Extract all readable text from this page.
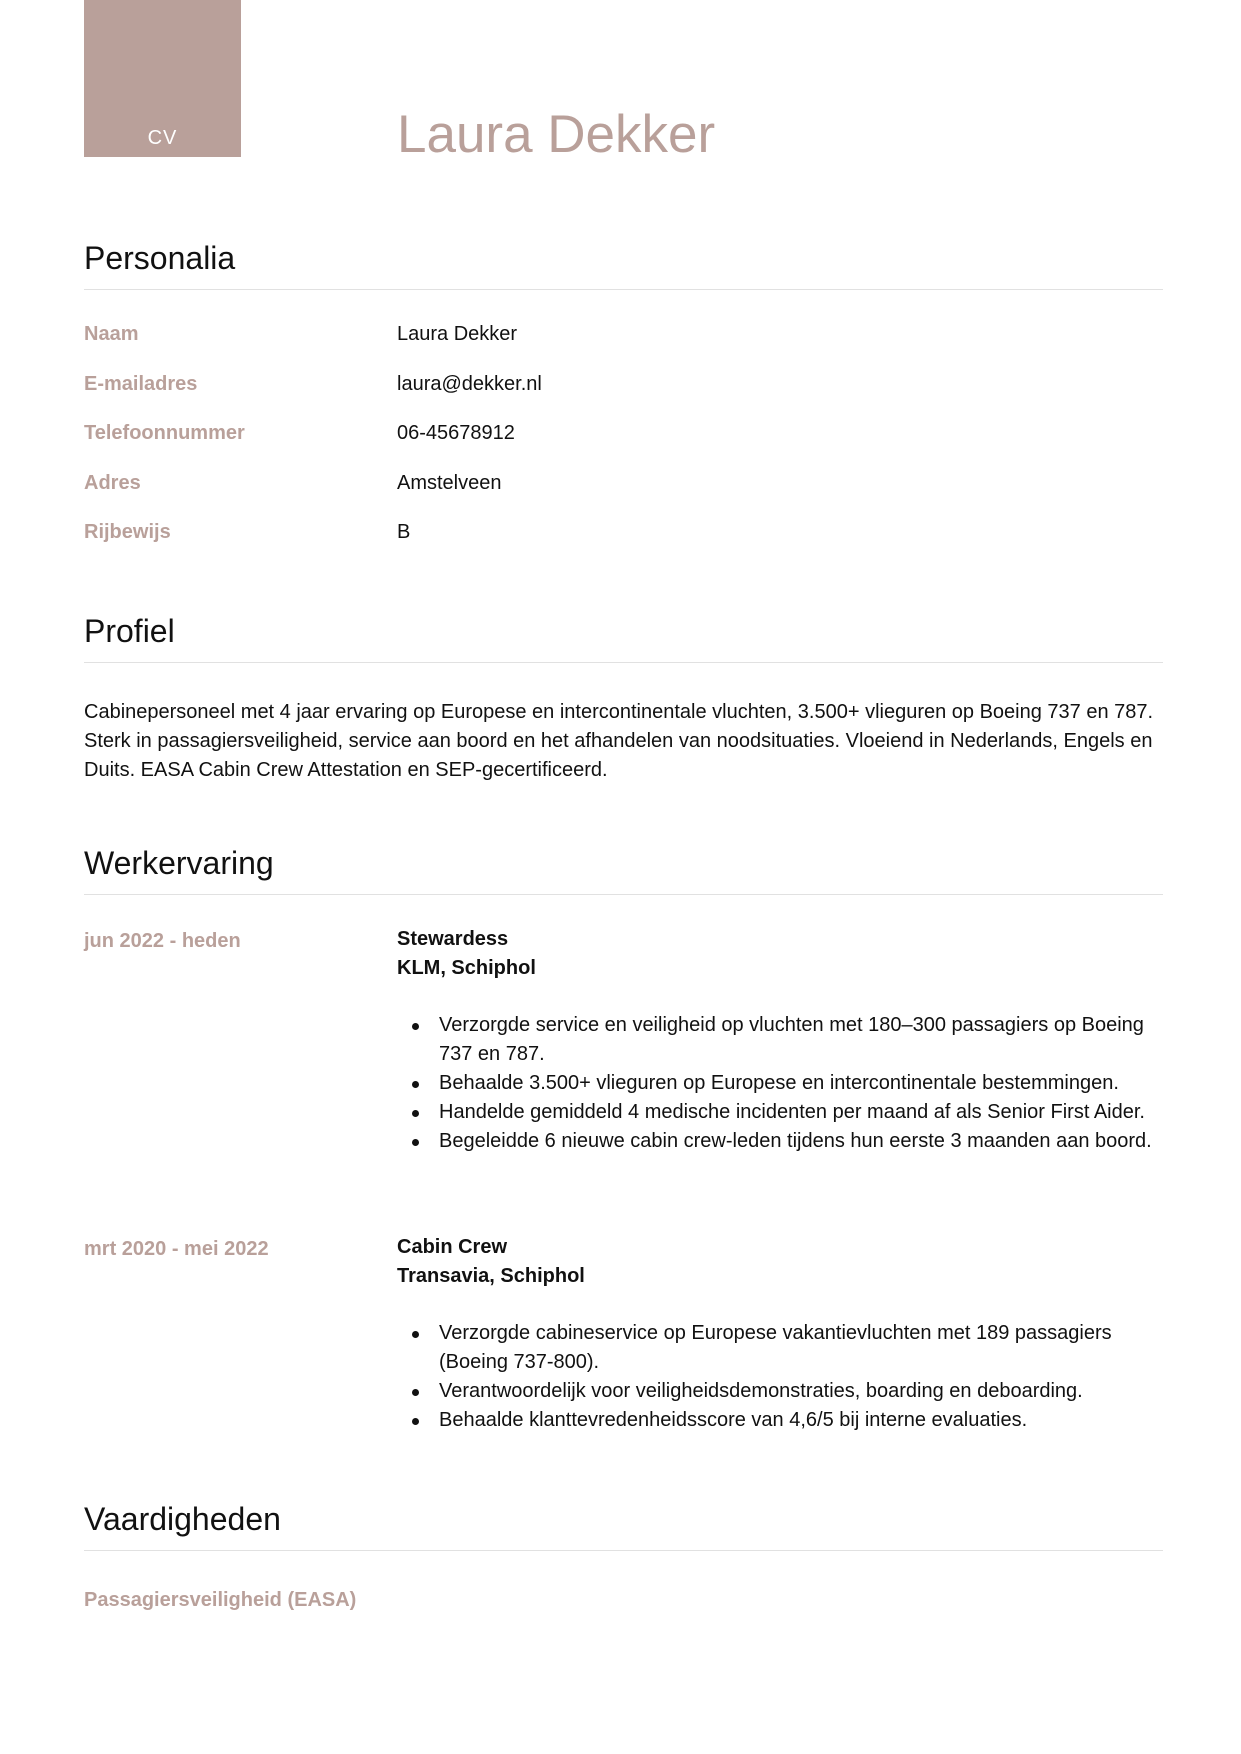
CV	Laura Dekker
Personalia
Naam	Laura Dekker
E-mailadres	laura@dekker.nl
Telefoonnummer	06-45678912
Adres	Amstelveen
Rijbewijs	B
Profiel

Cabinepersoneel met 4 jaar ervaring op Europese en intercontinentale vluchten, 3.500+ vlieguren op Boeing 737 en 787. Sterk in passagiersveiligheid, service aan boord en het afhandelen van noodsituaties. Vloeiend in Nederlands, Engels en Duits. EASA Cabin Crew Attestation en SEP-gecertificeerd.

Werkervaring
jun 2022 - heden	Stewardess
KLM, Schiphol
Verzorgde service en veiligheid op vluchten met 180–300 passagiers op Boeing 737 en 787.
Behaalde 3.500+ vlieguren op Europese en intercontinentale bestemmingen.
Handelde gemiddeld 4 medische incidenten per maand af als Senior First Aider.
Begeleidde 6 nieuwe cabin crew-leden tijdens hun eerste 3 maanden aan boord.
mrt 2020 - mei 2022	Cabin Crew
Transavia, Schiphol
Verzorgde cabineservice op Europese vakantievluchten met 189 passagiers (Boeing 737-800).
Verantwoordelijk voor veiligheidsdemonstraties, boarding en deboarding.
Behaalde klanttevredenheidsscore van 4,6/5 bij interne evaluaties.
Vaardigheden
Passagiersveiligheid (EASA)
